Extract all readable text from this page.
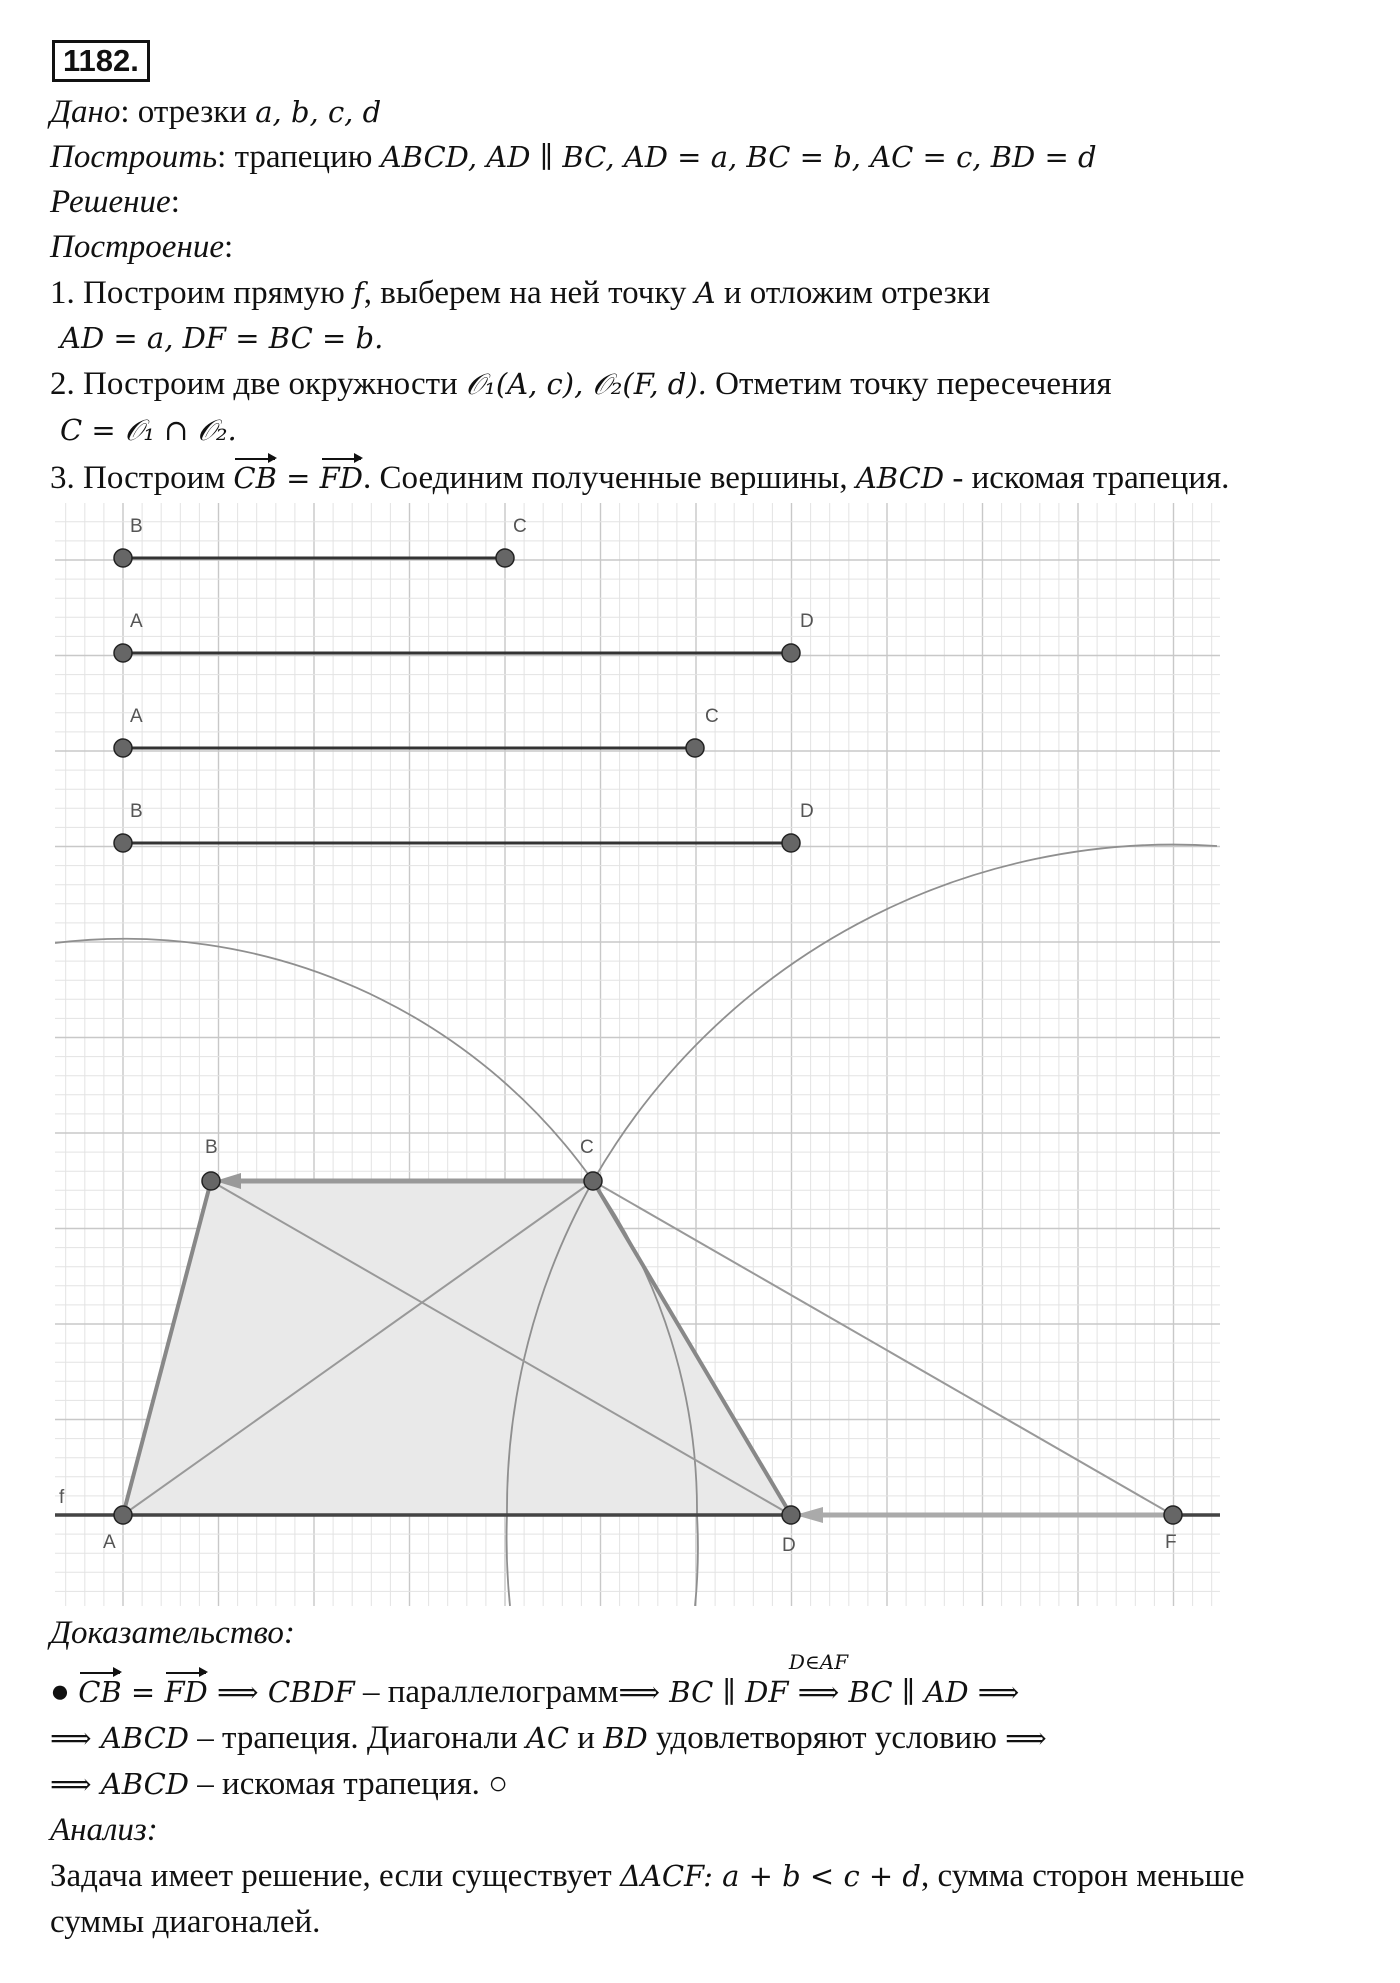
1182.
Дано: отрезки a, b, c, d
Построить: трапецию ABCD, AD ∥ BC, AD = a, BC = b, AC = c, BD = d
Решение:
Построение:
1. Построим прямую f, выберем на ней точку A и отложим отрезки
AD = a, DF = BC = b.
2. Построим две окружности 𝒪₁(A, c), 𝒪₂(F, d). Отметим точку пересечения
C = 𝒪₁ ∩ 𝒪₂.
3. Построим CB = FD. Соединим полученные вершины, ABCD - искомая трапеция.
B	C
A	D
A	C
B	D
B	C
A	D	F
f
Доказательство:
● CB = FD ⟹ CBDF – параллелограмм⟹ BC ∥ DF
D∈AF
⟹ BC ∥ AD ⟹
⟹ ABCD – трапеция. Диагонали AC и BD удовлетворяют условию ⟹
⟹ ABCD – искомая трапеция. ○
Анализ:
Задача имеет решение, если существует ΔACF: a + b < c + d, сумма сторон меньше
суммы диагоналей.
